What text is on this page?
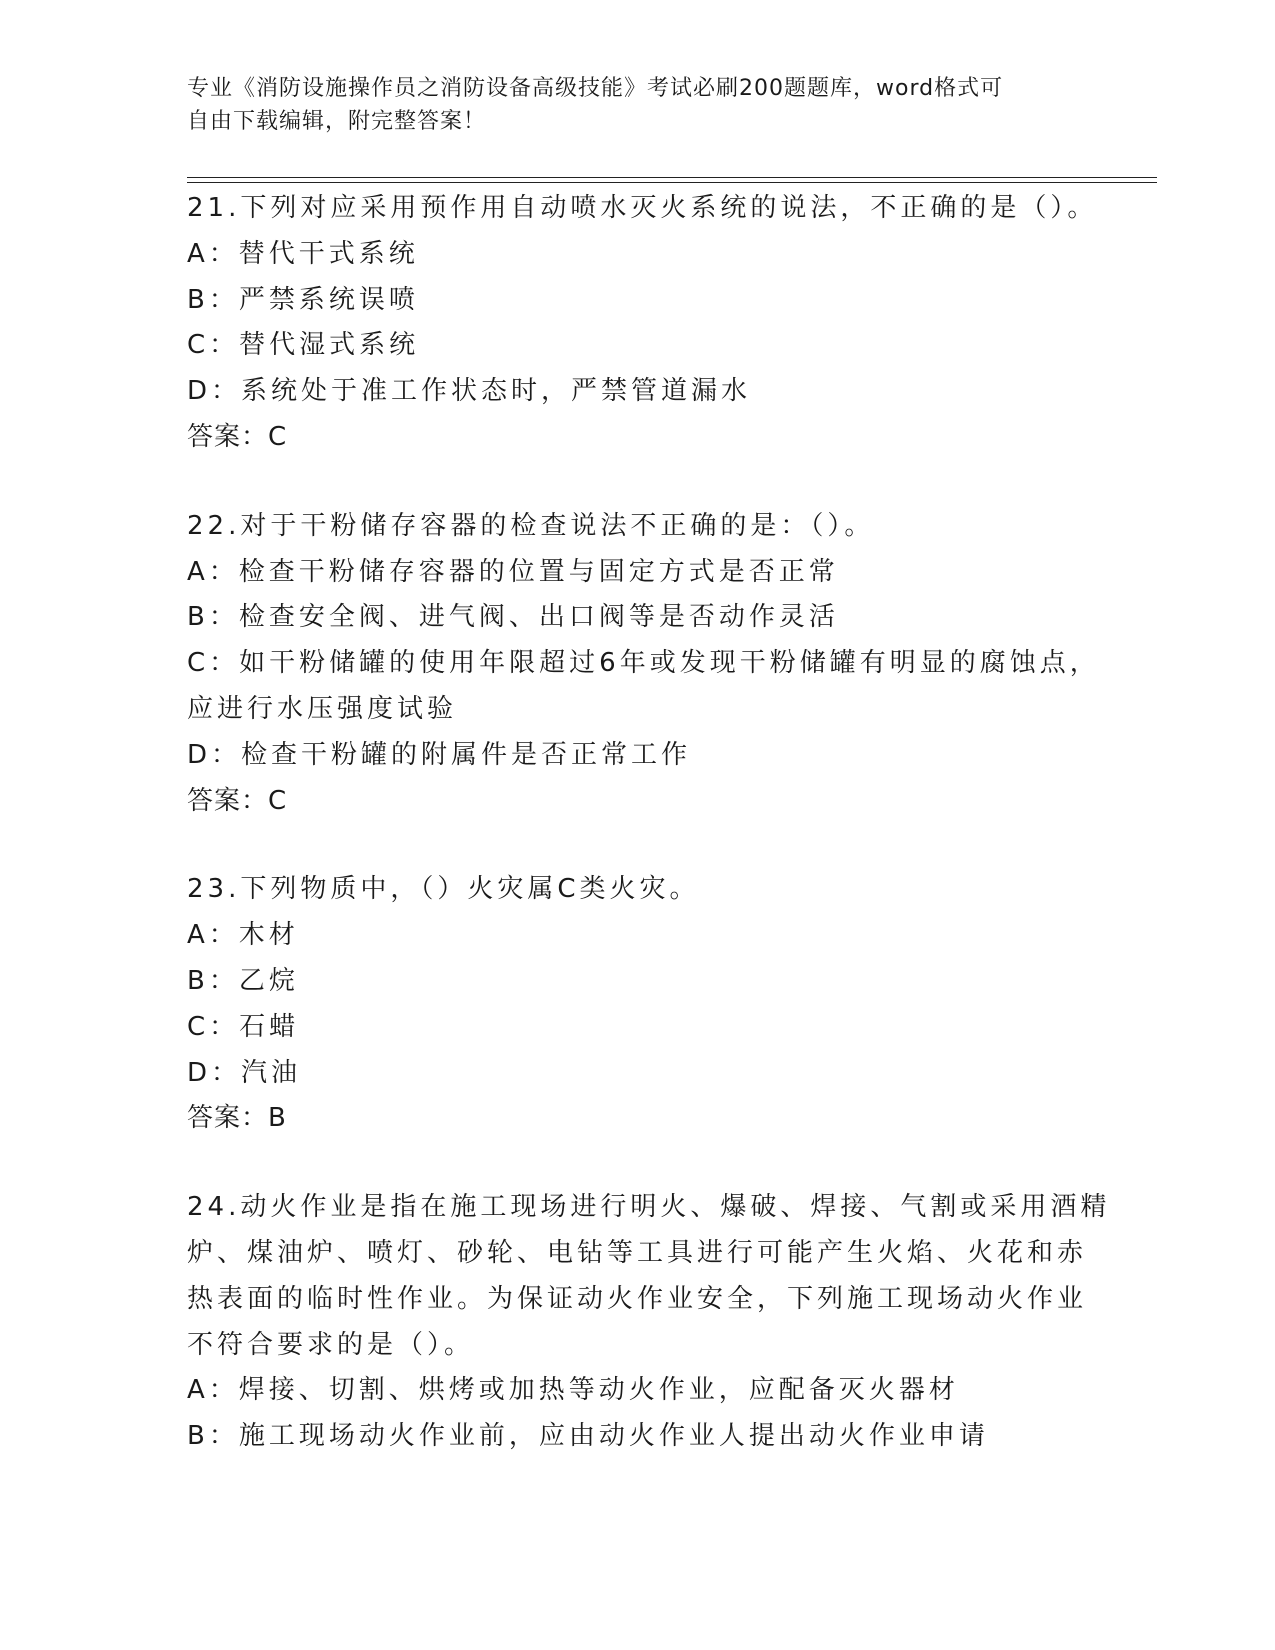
专业《消防设施操作员之消防设备高级技能》考试必刷200题题库，word格式可
自由下载编辑，附完整答案！
21.下列对应采用预作用自动喷水灭火系统的说法，不正确的是（）。
A：替代干式系统
B：严禁系统误喷
C：替代湿式系统
D：系统处于准工作状态时，严禁管道漏水
答案：C
22.对于干粉储存容器的检查说法不正确的是：（）。
A：检查干粉储存容器的位置与固定方式是否正常
B：检查安全阀、进气阀、出口阀等是否动作灵活
C：如干粉储罐的使用年限超过6年或发现干粉储罐有明显的腐蚀点，
应进行水压强度试验
D：检查干粉罐的附属件是否正常工作
答案：C
23.下列物质中，（）火灾属C类火灾。
A：木材
B：乙烷
C：石蜡
D：汽油
答案：B
24.动火作业是指在施工现场进行明火、爆破、焊接、气割或采用酒精
炉、煤油炉、喷灯、砂轮、电钻等工具进行可能产生火焰、火花和赤
热表面的临时性作业。为保证动火作业安全，下列施工现场动火作业
不符合要求的是（）。
A：焊接、切割、烘烤或加热等动火作业，应配备灭火器材
B：施工现场动火作业前，应由动火作业人提出动火作业申请
